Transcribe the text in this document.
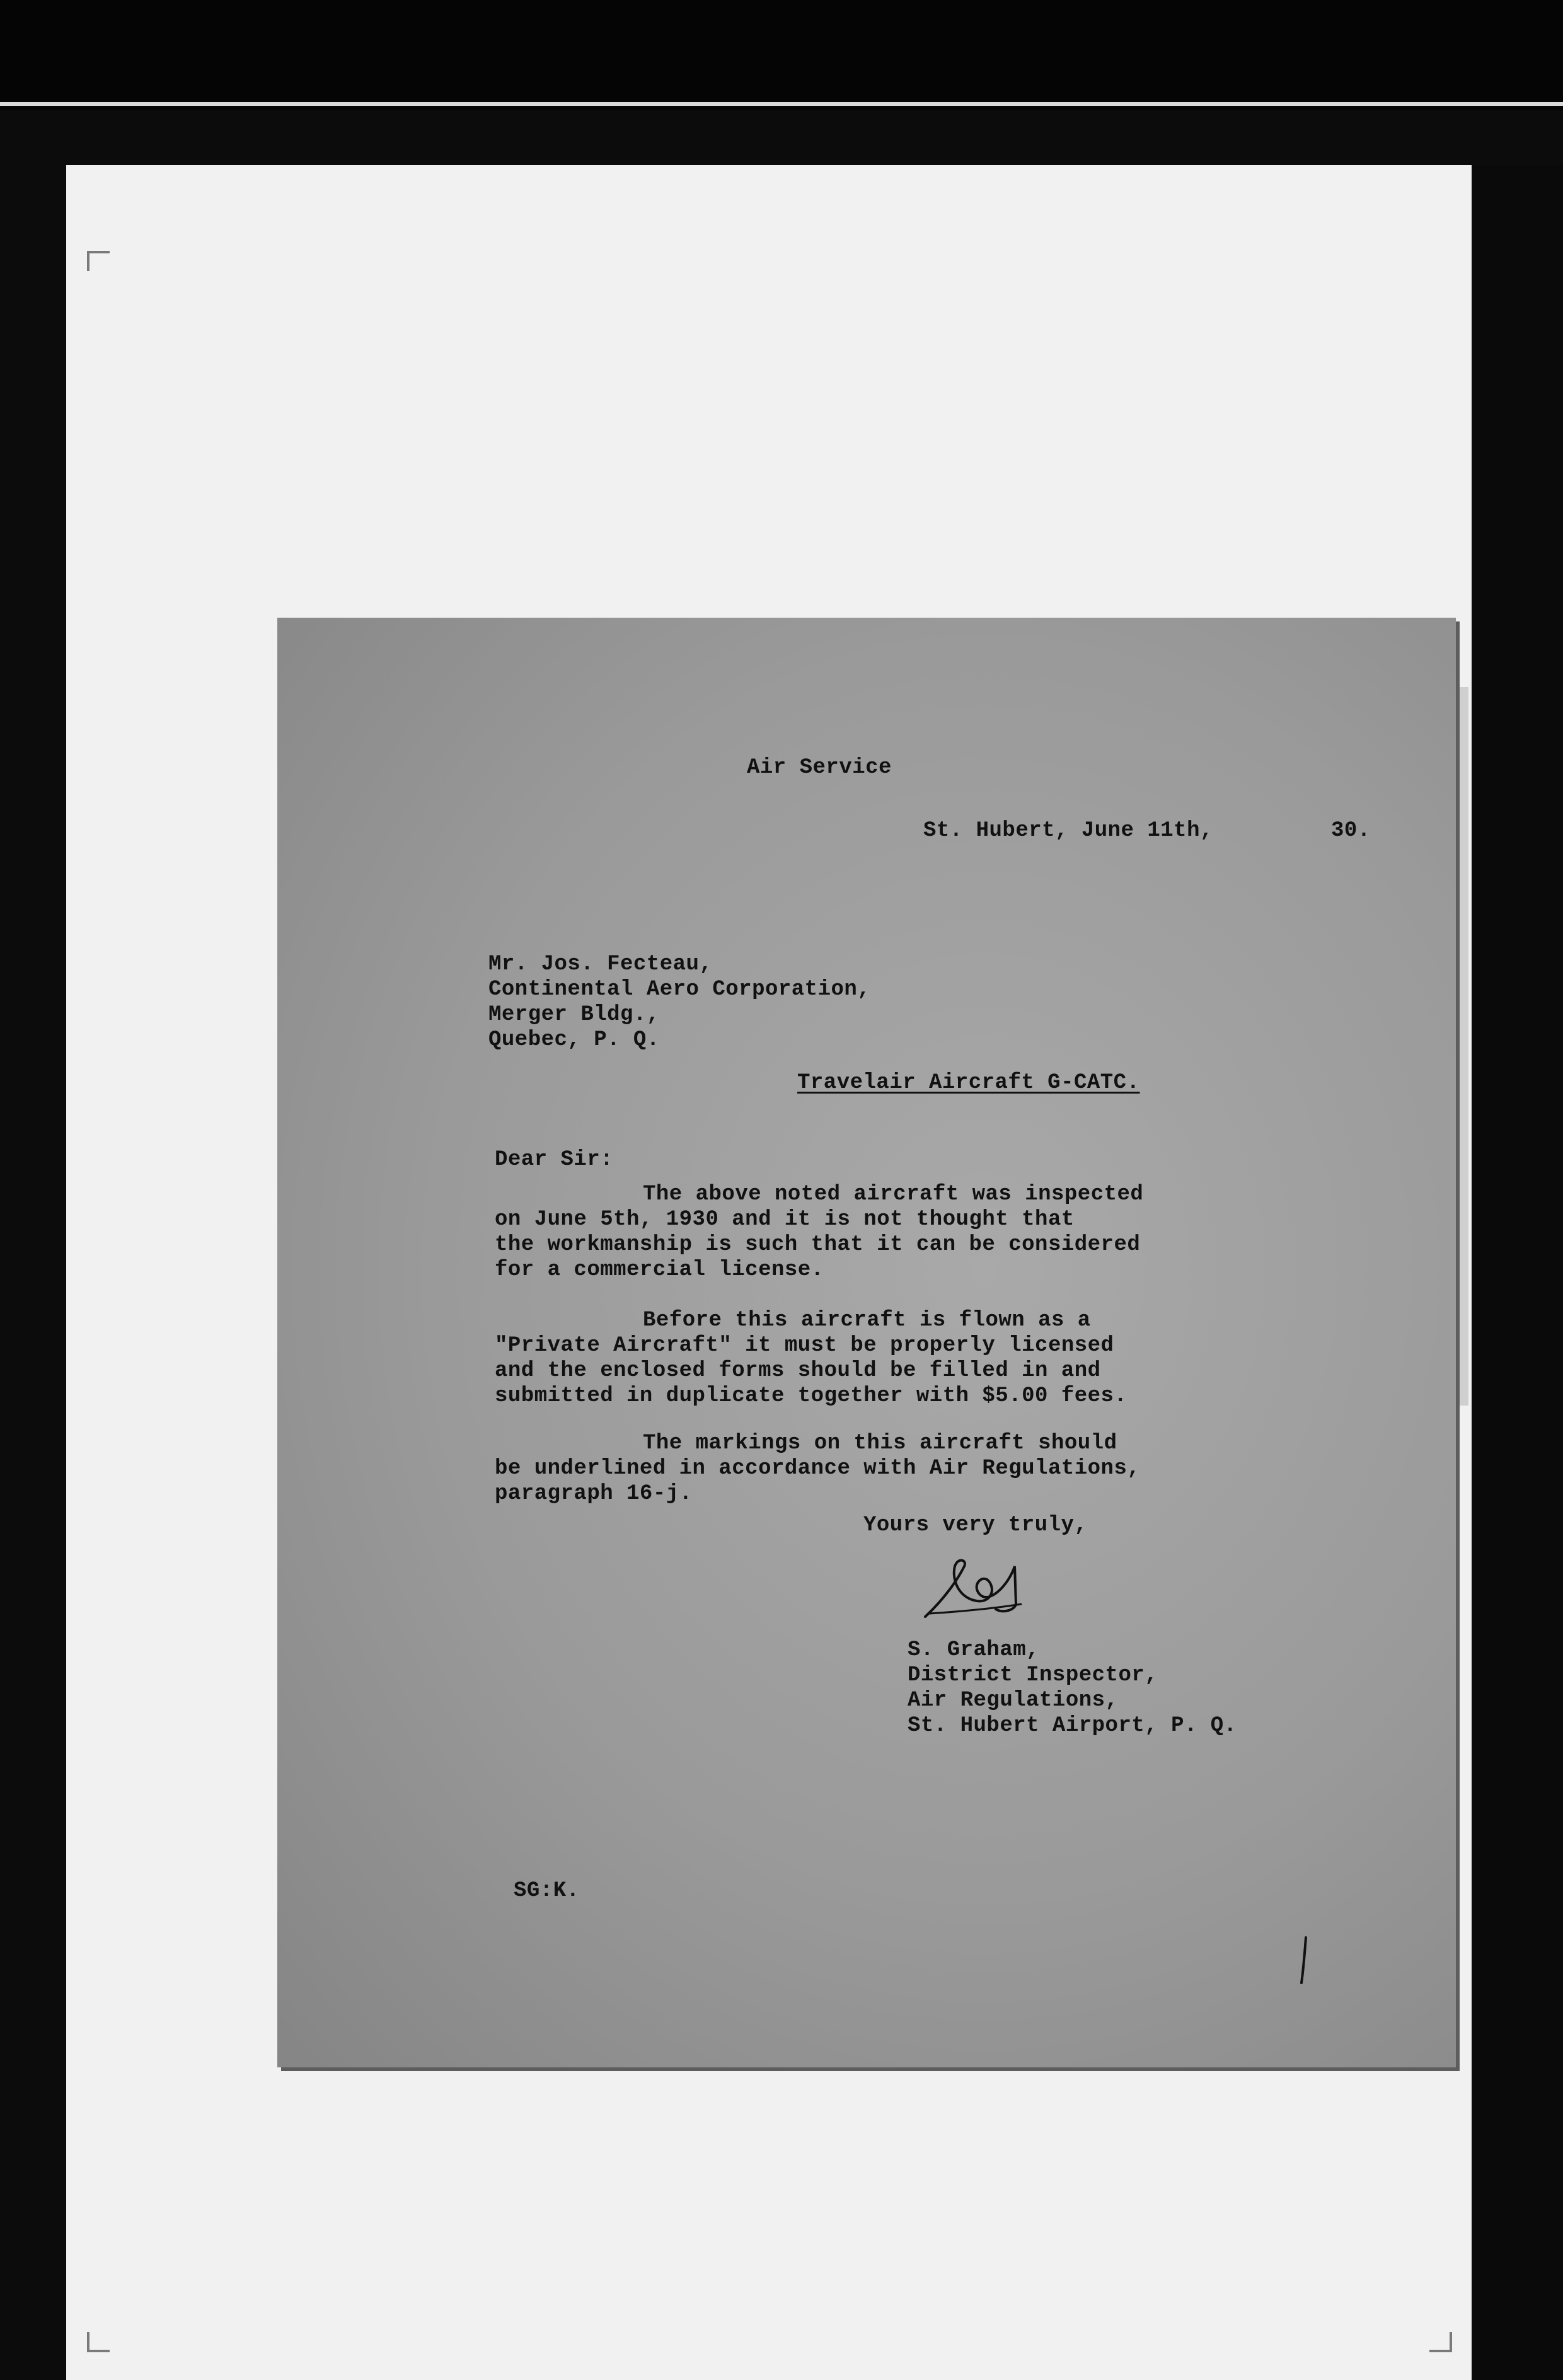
Air Service
St. Hubert, June 11th,	30.
Mr. Jos. Fecteau,
Continental Aero Corporation,
Merger Bldg.,
Quebec, P. Q.
Travelair Aircraft G-CATC.
Dear Sir:
The above noted aircraft was inspected
on June 5th, 1930 and it is not thought that
the workmanship is such that it can be considered
for a commercial license.
Before this aircraft is flown as a
"Private Aircraft" it must be properly licensed
and the enclosed forms should be filled in and
submitted in duplicate together with $5.00 fees.
The markings on this aircraft should
be underlined in accordance with Air Regulations,
paragraph 16-j.
Yours very truly,
S. Graham,
District Inspector,
Air Regulations,
St. Hubert Airport, P. Q.
SG:K.
